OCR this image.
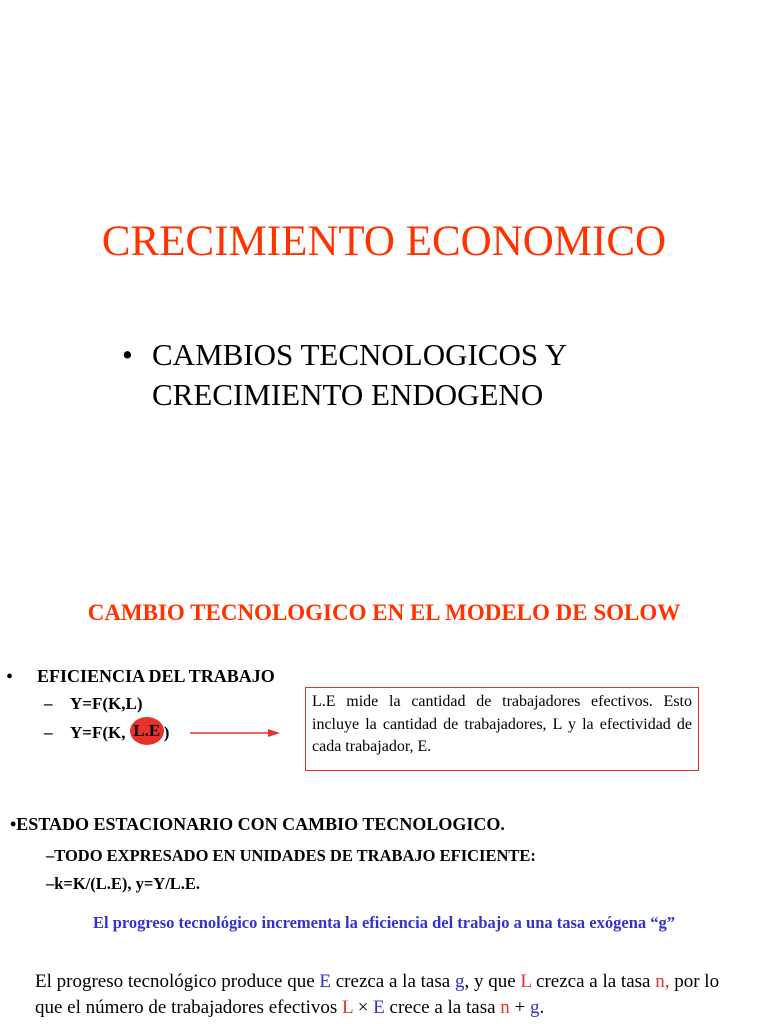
CRECIMIENTO ECONOMICO
• CAMBIOS TECNOLOGICOS Y
CRECIMIENTO ENDOGENO
CAMBIO TECNOLOGICO EN EL MODELO DE SOLOW
• EFICIENCIA DEL TRABAJO
– Y=F(K,L)
– Y=F(K, L.E )
L.E mide la cantidad de trabajadores efectivos. Esto incluye la cantidad de trabajadores, L y la efectividad de cada trabajador, E.
•ESTADO ESTACIONARIO CON CAMBIO TECNOLOGICO.
–TODO EXPRESADO EN UNIDADES DE TRABAJO EFICIENTE:
–k=K/(L.E), y=Y/L.E.
El progreso tecnológico incrementa la eficiencia del trabajo a una tasa exógena “g”
El progreso tecnológico produce que E crezca a la tasa g, y que L crezca a la tasa n, por lo que el número de trabajadores efectivos L × E crece a la tasa n + g.
